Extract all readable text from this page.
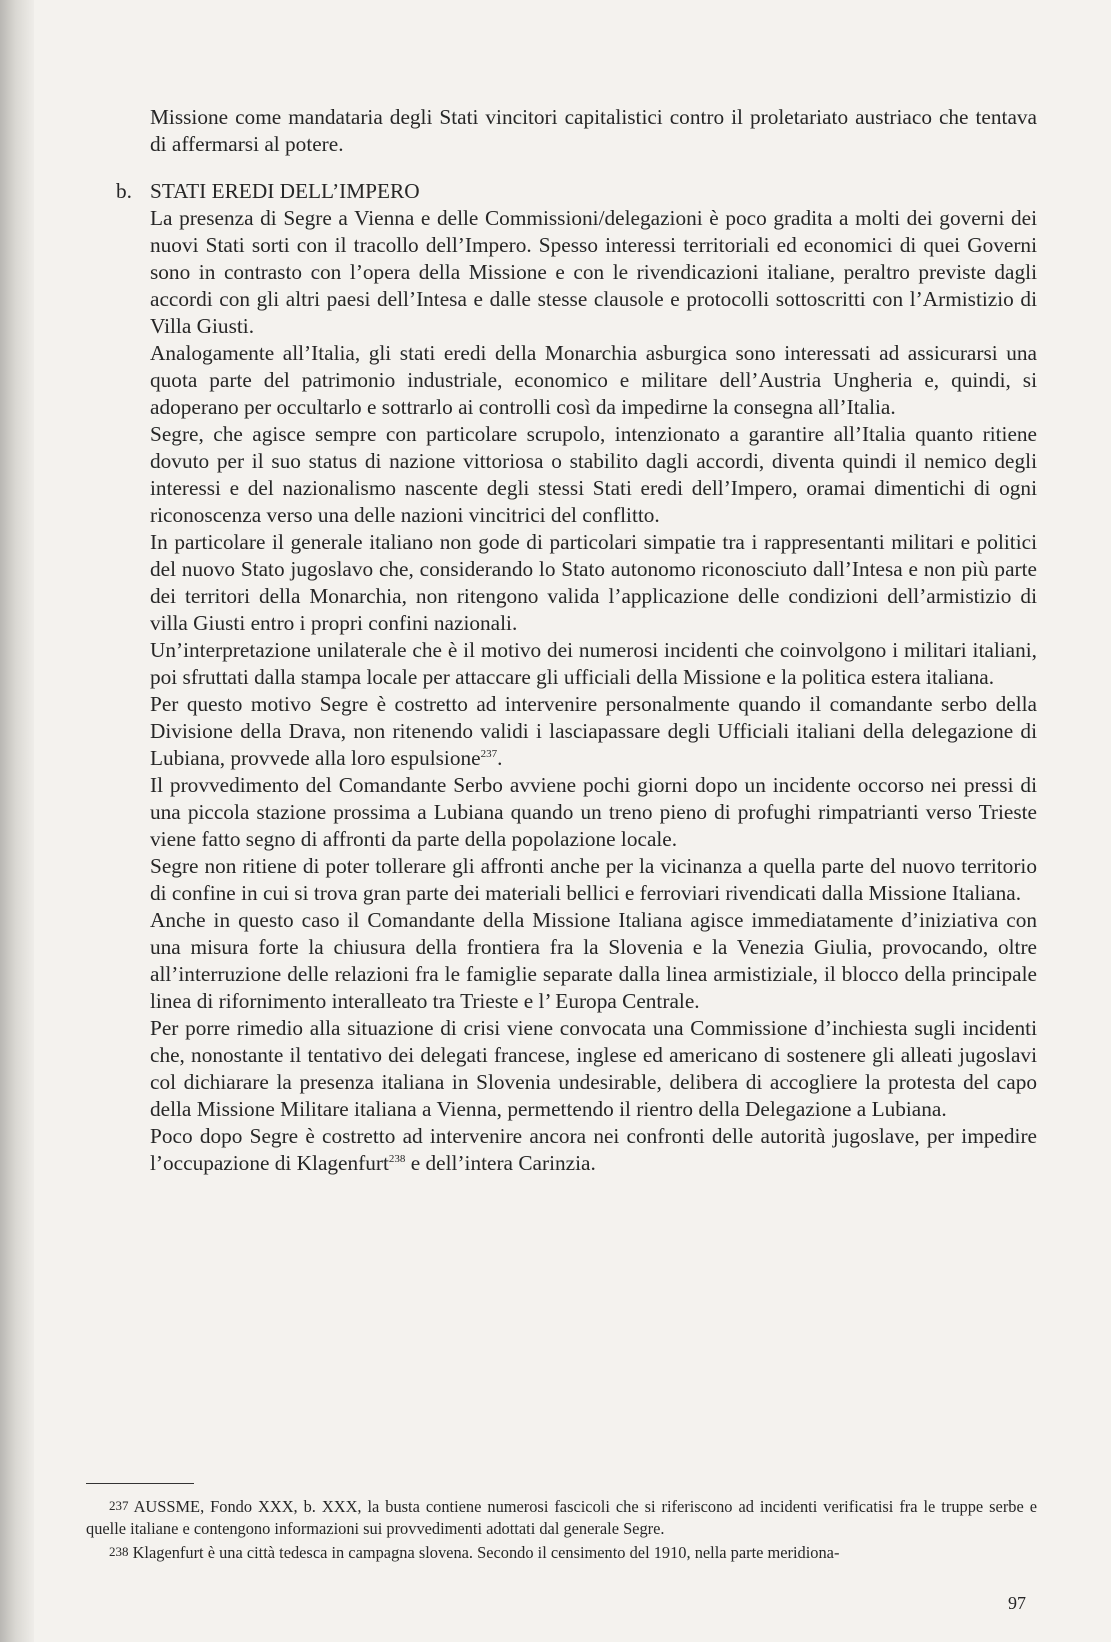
Missione come mandataria degli Stati vincitori capitalistici contro il proletariato austriaco che tentava di affermarsi al potere.

b. STATI EREDI DELL’IMPERO

La presenza di Segre a Vienna e delle Commissioni/delegazioni è poco gradita a molti dei governi dei nuovi Stati sorti con il tracollo dell’Impero. Spesso interessi territoriali ed economici di quei Governi sono in contrasto con l’opera della Missione e con le rivendicazioni italiane, peraltro previste dagli accordi con gli altri paesi dell’Intesa e dalle stesse clausole e protocolli sottoscritti con l’Armistizio di Villa Giusti.

Analogamente all’Italia, gli stati eredi della Monarchia asburgica sono interessati ad assicurarsi una quota parte del patrimonio industriale, economico e militare dell’Austria Ungheria e, quindi, si adoperano per occultarlo e sottrarlo ai controlli così da impedirne la consegna all’Italia.

Segre, che agisce sempre con particolare scrupolo, intenzionato a garantire all’Italia quanto ritiene dovuto per il suo status di nazione vittoriosa o stabilito dagli accordi, diventa quindi il nemico degli interessi e del nazionalismo nascente degli stessi Stati eredi dell’Impero, oramai dimentichi di ogni riconoscenza verso una delle nazioni vincitrici del conflitto.

In particolare il generale italiano non gode di particolari simpatie tra i rappresentanti militari e politici del nuovo Stato jugoslavo che, considerando lo Stato autonomo riconosciuto dall’Intesa e non più parte dei territori della Monarchia, non ritengono valida l’applicazione delle condizioni dell’armistizio di villa Giusti entro i propri confini nazionali.

Un’interpretazione unilaterale che è il motivo dei numerosi incidenti che coinvolgono i militari italiani, poi sfruttati dalla stampa locale per attaccare gli ufficiali della Missione e la politica estera italiana.

Per questo motivo Segre è costretto ad intervenire personalmente quando il comandante serbo della Divisione della Drava, non ritenendo validi i lasciapassare degli Ufficiali italiani della delegazione di Lubiana, provvede alla loro espulsione$^{237}$.

Il provvedimento del Comandante Serbo avviene pochi giorni dopo un incidente occorso nei pressi di una piccola stazione prossima a Lubiana quando un treno pieno di profughi rimpatrianti verso Trieste viene fatto segno di affronti da parte della popolazione locale.

Segre non ritiene di poter tollerare gli affronti anche per la vicinanza a quella parte del nuovo territorio di confine in cui si trova gran parte dei materiali bellici e ferroviari rivendicati dalla Missione Italiana.

Anche in questo caso il Comandante della Missione Italiana agisce immediatamente d’iniziativa con una misura forte la chiusura della frontiera fra la Slovenia e la Venezia Giulia, provocando, oltre all’interruzione delle relazioni fra le famiglie separate dalla linea armistiziale, il blocco della principale linea di rifornimento interalleato tra Trieste e l’ Europa Centrale.

Per porre rimedio alla situazione di crisi viene convocata una Commissione d’inchiesta sugli incidenti che, nonostante il tentativo dei delegati francese, inglese ed americano di sostenere gli alleati jugoslavi col dichiarare la presenza italiana in Slovenia undesirable, delibera di accogliere la protesta del capo della Missione Militare italiana a Vienna, permettendo il rientro della Delegazione a Lubiana.

Poco dopo Segre è costretto ad intervenire ancora nei confronti delle autorità jugoslave, per impedire l’occupazione di Klagenfurt$^{238}$ e dell’intera Carinzia.

$^{237}$ AUSSME, Fondo XXX, b. XXX, la busta contiene numerosi fascicoli che si riferiscono ad incidenti verificatisi fra le truppe serbe e quelle italiane e contengono informazioni sui provvedimenti adottati dal generale Segre.

$^{238}$ Klagenfurt è una città tedesca in campagna slovena. Secondo il censimento del 1910, nella parte meridiona-

97
